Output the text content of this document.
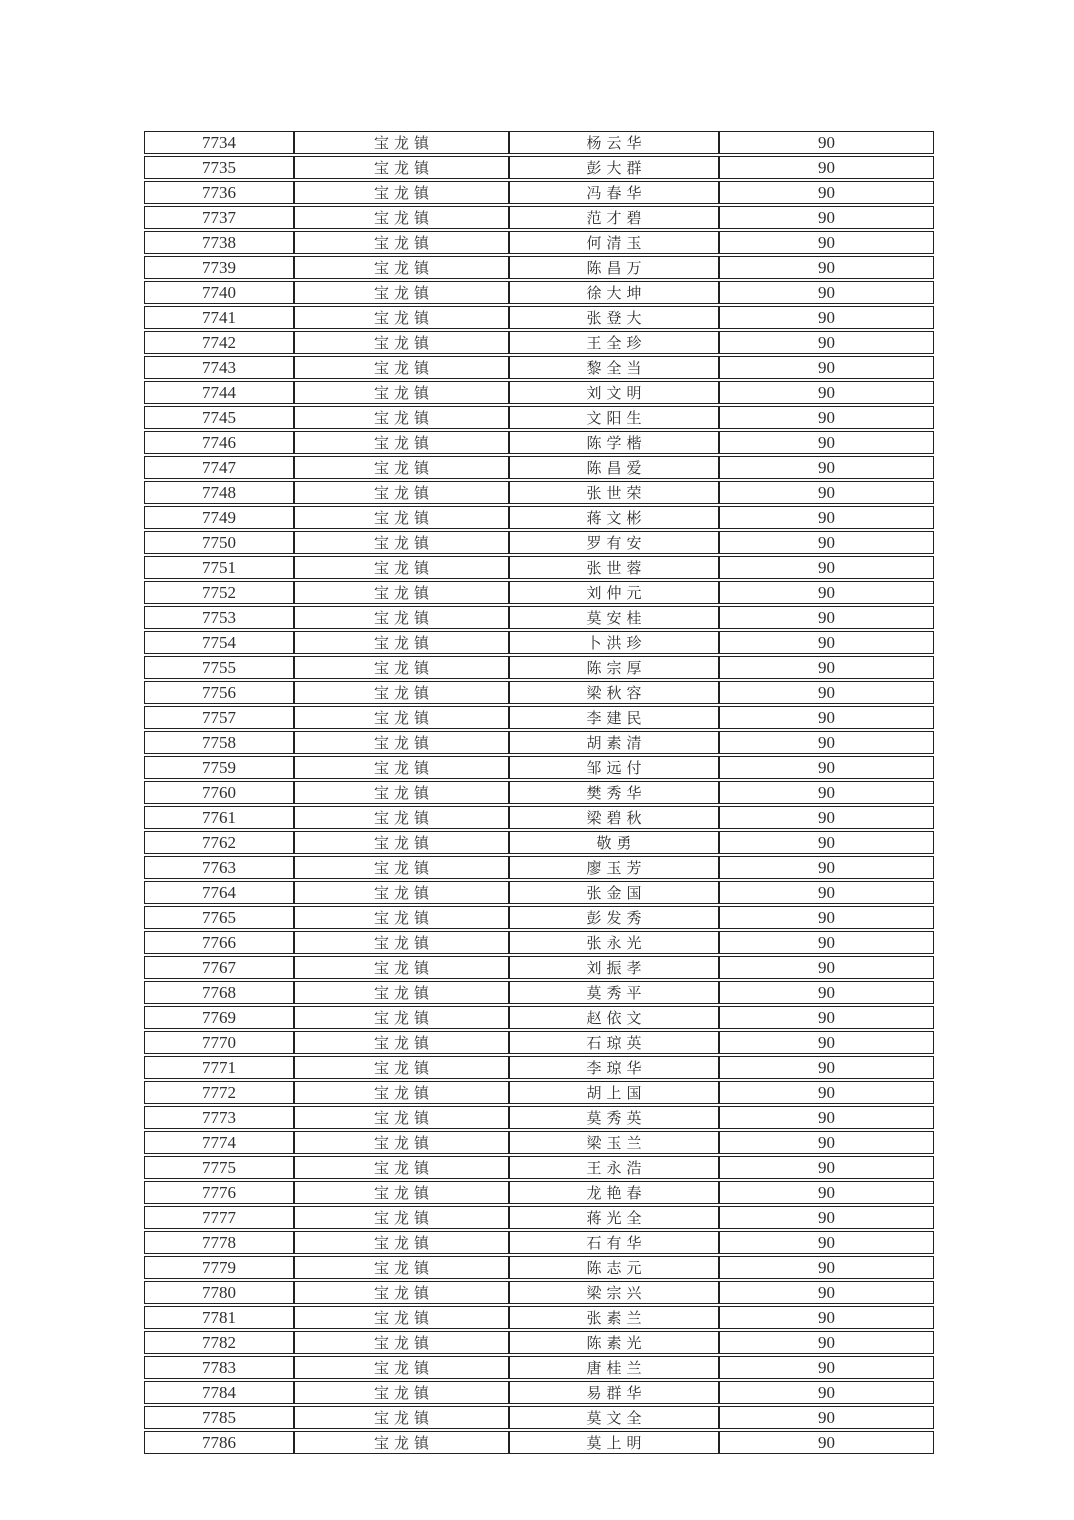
7734	宝龙镇	杨云华	90
7735	宝龙镇	彭大群	90
7736	宝龙镇	冯春华	90
7737	宝龙镇	范才碧	90
7738	宝龙镇	何清玉	90
7739	宝龙镇	陈昌万	90
7740	宝龙镇	徐大坤	90
7741	宝龙镇	张登大	90
7742	宝龙镇	王全珍	90
7743	宝龙镇	黎全当	90
7744	宝龙镇	刘文明	90
7745	宝龙镇	文阳生	90
7746	宝龙镇	陈学楷	90
7747	宝龙镇	陈昌爱	90
7748	宝龙镇	张世荣	90
7749	宝龙镇	蒋文彬	90
7750	宝龙镇	罗有安	90
7751	宝龙镇	张世蓉	90
7752	宝龙镇	刘仲元	90
7753	宝龙镇	莫安桂	90
7754	宝龙镇	卜洪珍	90
7755	宝龙镇	陈宗厚	90
7756	宝龙镇	梁秋容	90
7757	宝龙镇	李建民	90
7758	宝龙镇	胡素清	90
7759	宝龙镇	邹远付	90
7760	宝龙镇	樊秀华	90
7761	宝龙镇	梁碧秋	90
7762	宝龙镇	敬勇	90
7763	宝龙镇	廖玉芳	90
7764	宝龙镇	张金国	90
7765	宝龙镇	彭发秀	90
7766	宝龙镇	张永光	90
7767	宝龙镇	刘振孝	90
7768	宝龙镇	莫秀平	90
7769	宝龙镇	赵依文	90
7770	宝龙镇	石琼英	90
7771	宝龙镇	李琼华	90
7772	宝龙镇	胡上国	90
7773	宝龙镇	莫秀英	90
7774	宝龙镇	梁玉兰	90
7775	宝龙镇	王永浩	90
7776	宝龙镇	龙艳春	90
7777	宝龙镇	蒋光全	90
7778	宝龙镇	石有华	90
7779	宝龙镇	陈志元	90
7780	宝龙镇	梁宗兴	90
7781	宝龙镇	张素兰	90
7782	宝龙镇	陈素光	90
7783	宝龙镇	唐桂兰	90
7784	宝龙镇	易群华	90
7785	宝龙镇	莫文全	90
7786	宝龙镇	莫上明	90
